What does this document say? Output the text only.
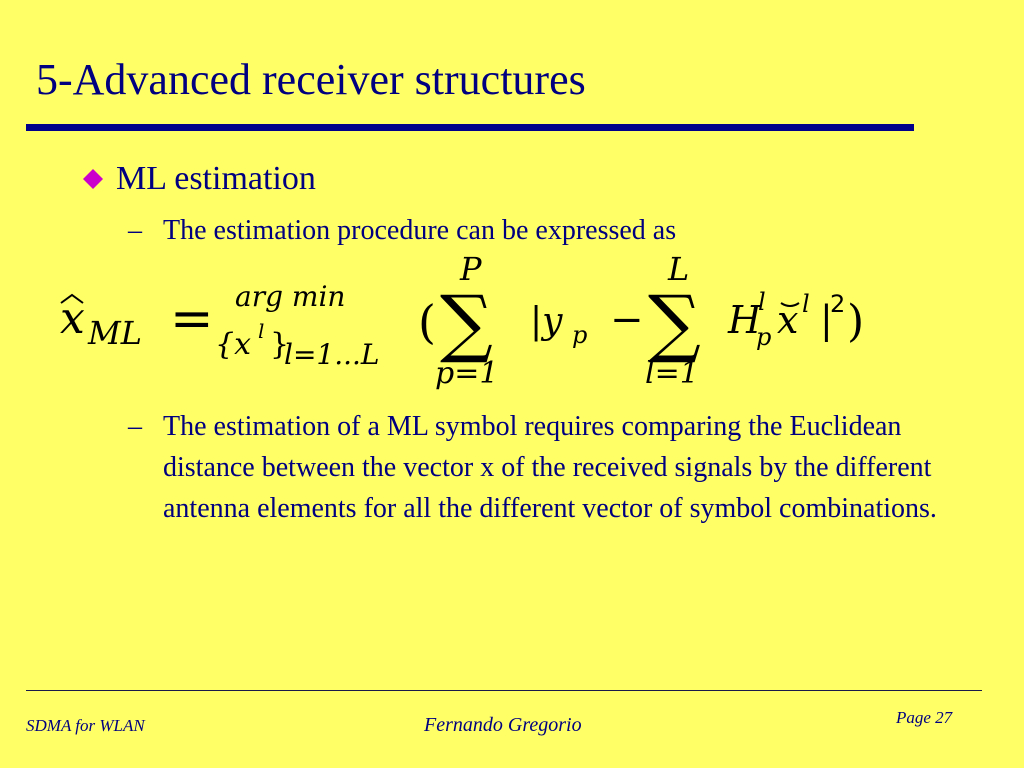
5-Advanced receiver structures
ML estimation
– The estimation procedure can be expressed as
x ML = arg min
{x l }
l=1...L
(
P
∑
p=1
|y p −
L
∑
l=1
H
l
p x l |
2 )
– The estimation of a ML symbol requires comparing the Euclidean distance between the vector x of the received signals by the different antenna elements for all the different vector of symbol combinations.
SDMA for WLAN	Fernando Gregorio	Page 27
